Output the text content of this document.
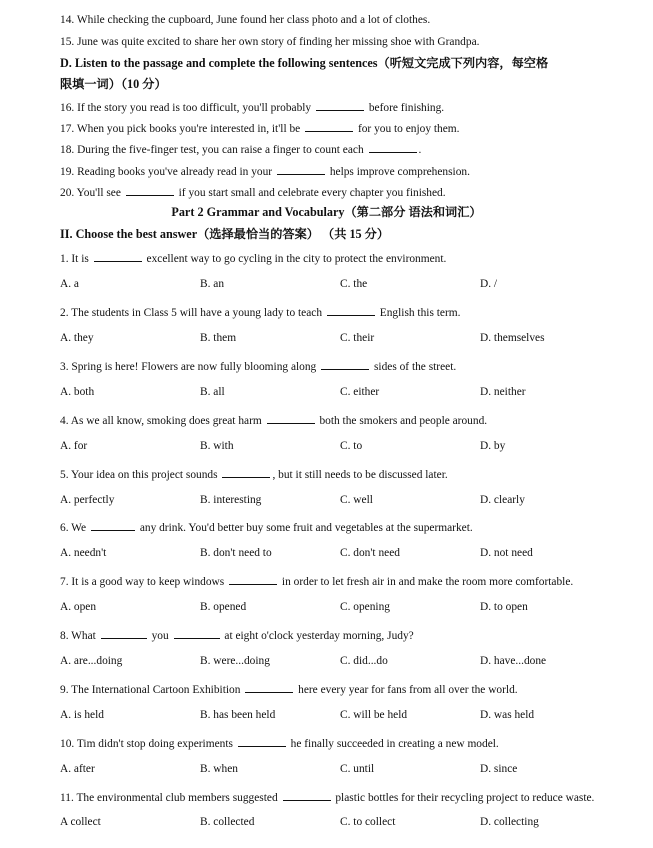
14. While checking the cupboard, June found her class photo and a lot of clothes.
15. June was quite excited to share her own story of finding her missing shoe with Grandpa.
D. Listen to the passage and complete the following sentences（听短文完成下列内容，每空格
限填一词）（10 分）
16. If the story you read is too difficult, you'll probably	before finishing.
17. When you pick books you're interested in, it'll be	for you to enjoy them.
18. During the five-finger test, you can raise a finger to count each	.
19. Reading books you've already read in your	helps improve comprehension.
20. You'll see	if you start small and celebrate every chapter you finished.
Part 2 Grammar and Vocabulary（第二部分 语法和词汇）
II. Choose the best answer（选择最恰当的答案） （共 15 分）
1. It is	excellent way to go cycling in the city to protect the environment.
A. a	B. an	C. the	D. /
2. The students in Class 5 will have a young lady to teach	English this term.
A. they	B. them	C. their	D. themselves
3. Spring is here! Flowers are now fully blooming along	sides of the street.
A. both	B. all	C. either	D. neither
4. As we all know, smoking does great harm	both the smokers and people around.
A. for	B. with	C. to	D. by
5. Your idea on this project sounds	, but it still needs to be discussed later.
A. perfectly	B. interesting	C. well	D. clearly
6. We	any drink. You'd better buy some fruit and vegetables at the supermarket.
A. needn't	B. don't need to	C. don't need	D. not need
7. It is a good way to keep windows	in order to let fresh air in and make the room more comfortable.
A. open	B. opened	C. opening	D. to open
8. What	you	at eight o'clock yesterday morning, Judy?
A. are...doing	B. were...doing	C. did...do	D. have...done
9. The International Cartoon Exhibition	here every year for fans from all over the world.
A. is held	B. has been held	C. will be held	D. was held
10. Tim didn't stop doing experiments	he finally succeeded in creating a new model.
A. after	B. when	C. until	D. since
11. The environmental club members suggested	plastic bottles for their recycling project to reduce waste.
A collect	B. collected	C. to collect	D. collecting
